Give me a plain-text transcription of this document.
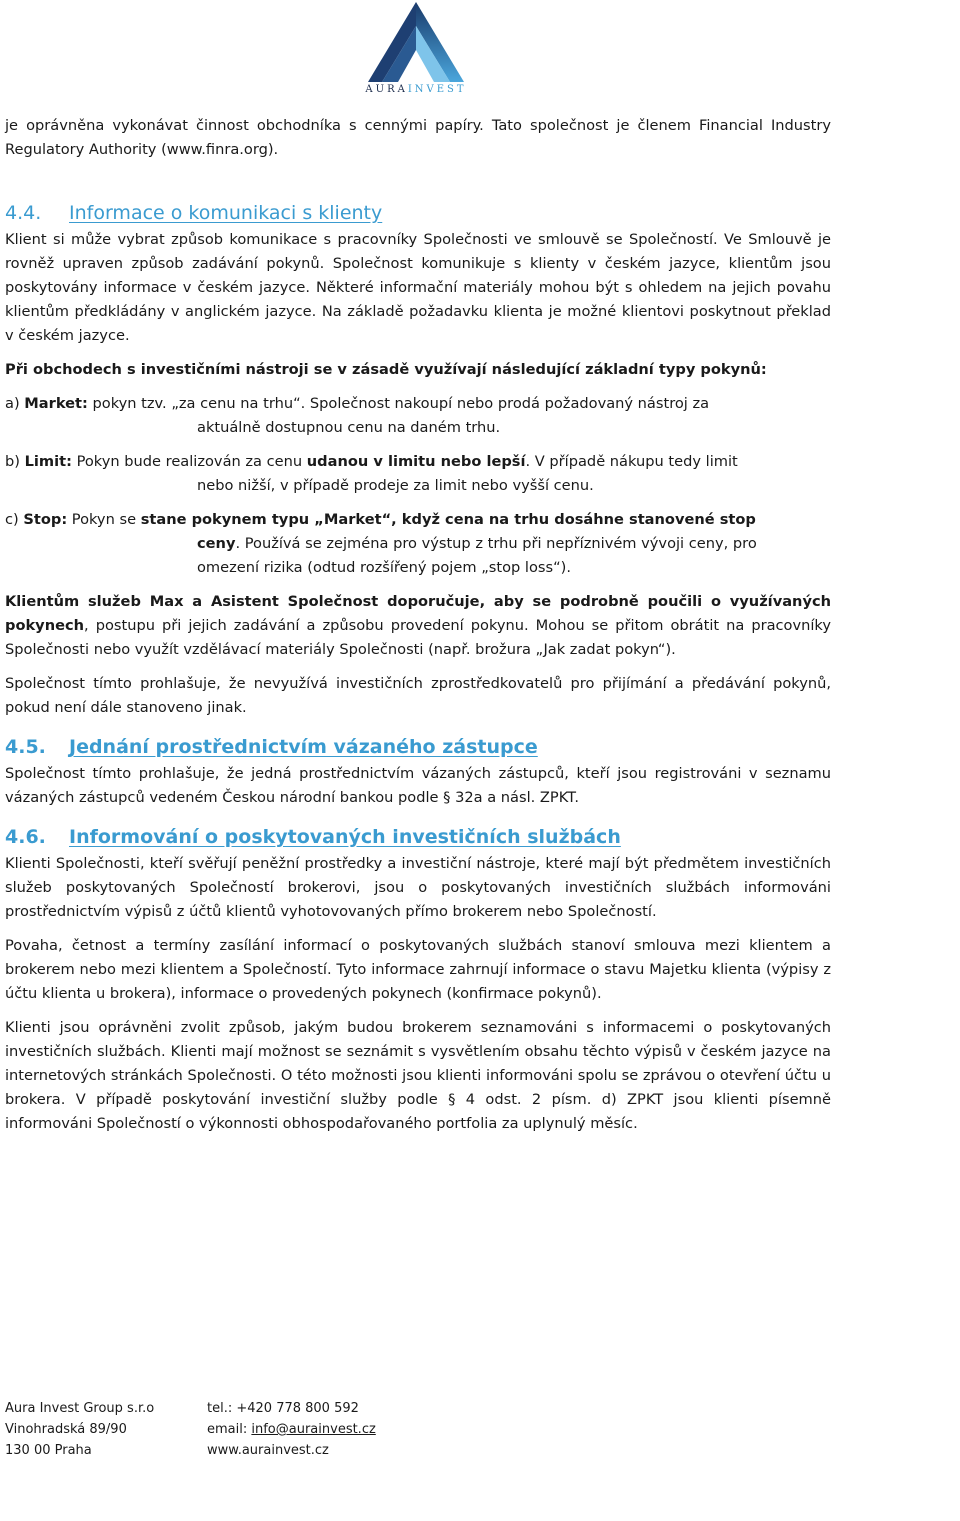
AURAINVEST

je oprávněna vykonávat činnost obchodníka s cennými papíry. Tato společnost je členem Financial Industry Regulatory Authority (www.finra.org).

4.4. Informace o komunikaci s klienty

Klient si může vybrat způsob komunikace s pracovníky Společnosti ve smlouvě se Společností. Ve Smlouvě je rovněž upraven způsob zadávání pokynů. Společnost komunikuje s klienty v českém jazyce, klientům jsou poskytovány informace v českém jazyce. Některé informační materiály mohou být s ohledem na jejich povahu klientům předkládány v anglickém jazyce. Na základě požadavku klienta je možné klientovi poskytnout překlad v českém jazyce.

Při obchodech s investičními nástroji se v zásadě využívají následující základní typy pokynů:

a) Market: pokyn tzv. „za cenu na trhu“. Společnost nakoupí nebo prodá požadovaný nástroj za

aktuálně dostupnou cenu na daném trhu.

b) Limit: Pokyn bude realizován za cenu udanou v limitu nebo lepší. V případě nákupu tedy limit

nebo nižší, v případě prodeje za limit nebo vyšší cenu.

c) Stop: Pokyn se stane pokynem typu „Market“, když cena na trhu dosáhne stanovené stop

ceny. Používá se zejména pro výstup z trhu při nepříznivém vývoji ceny, pro

omezení rizika (odtud rozšířený pojem „stop loss“).

Klientům služeb Max a Asistent Společnost doporučuje, aby se podrobně poučili o využívaných pokynech, postupu při jejich zadávání a způsobu provedení pokynu. Mohou se přitom obrátit na pracovníky Společnosti nebo využít vzdělávací materiály Společnosti (např. brožura „Jak zadat pokyn“).

Společnost tímto prohlašuje, že nevyužívá investičních zprostředkovatelů pro přijímání a předávání pokynů, pokud není dále stanoveno jinak.

4.5. Jednání prostřednictvím vázaného zástupce

Společnost tímto prohlašuje, že jedná prostřednictvím vázaných zástupců, kteří jsou registrováni v seznamu vázaných zástupců vedeném Českou národní bankou podle § 32a a násl. ZPKT.

4.6. Informování o poskytovaných investičních službách

Klienti Společnosti, kteří svěřují peněžní prostředky a investiční nástroje, které mají být předmětem investičních služeb poskytovaných Společností brokerovi, jsou o poskytovaných investičních službách informováni prostřednictvím výpisů z účtů klientů vyhotovovaných přímo brokerem nebo Společností.

Povaha, četnost a termíny zasílání informací o poskytovaných službách stanoví smlouva mezi klientem a brokerem nebo mezi klientem a Společností. Tyto informace zahrnují informace o stavu Majetku klienta (výpisy z účtu klienta u brokera), informace o provedených pokynech (konfirmace pokynů).

Klienti jsou oprávněni zvolit způsob, jakým budou brokerem seznamováni s informacemi o poskytovaných investičních službách. Klienti mají možnost se seznámit s vysvětlením obsahu těchto výpisů v českém jazyce na internetových stránkách Společnosti. O této možnosti jsou klienti informováni spolu se zprávou o otevření účtu u brokera. V případě poskytování investiční služby podle § 4 odst. 2 písm. d) ZPKT jsou klienti písemně informováni Společností o výkonnosti obhospodařovaného portfolia za uplynulý měsíc.

Aura Invest Group s.r.o
Vinohradská 89/90
130 00 Praha
tel.: +420 778 800 592
email: info@aurainvest.cz
www.aurainvest.cz
